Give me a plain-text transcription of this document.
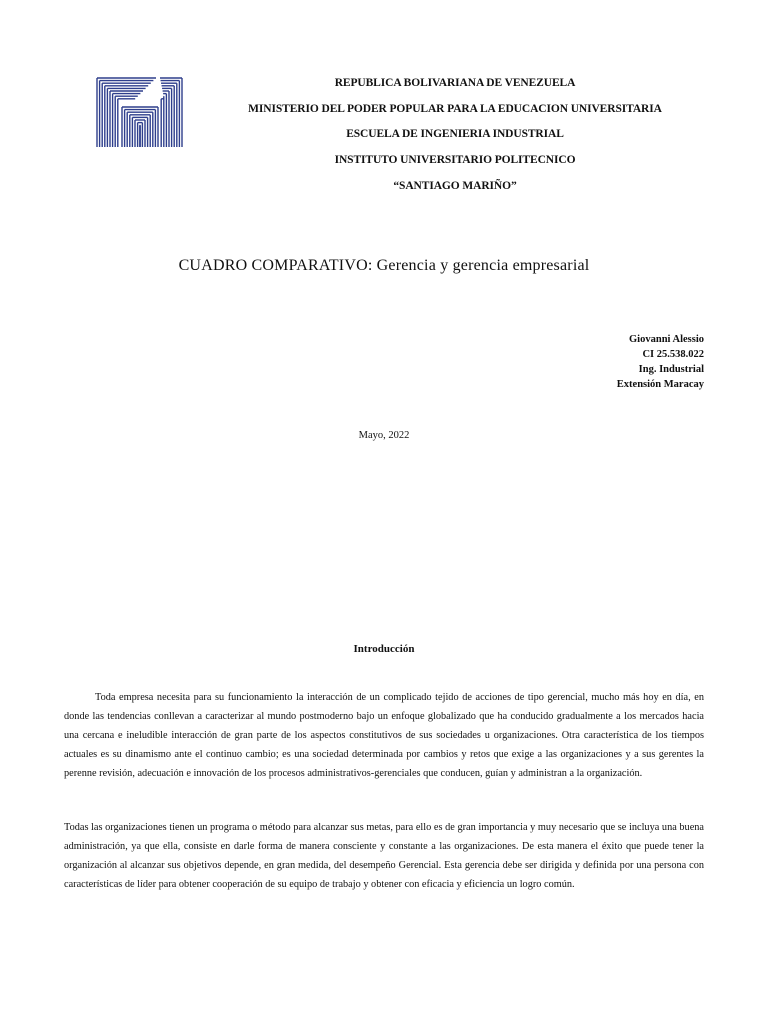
REPUBLICA BOLIVARIANA DE VENEZUELA
MINISTERIO DEL PODER POPULAR PARA LA EDUCACION UNIVERSITARIA
ESCUELA DE INGENIERIA INDUSTRIAL
INSTITUTO UNIVERSITARIO POLITECNICO
“SANTIAGO MARIÑO”
CUADRO COMPARATIVO: Gerencia y gerencia empresarial
Giovanni Alessio
CI 25.538.022
Ing. Industrial
Extensión Maracay
Mayo, 2022
Introducción

Toda empresa necesita para su funcionamiento la interacción de un complicado tejido de acciones de tipo gerencial, mucho más hoy en día, en donde las tendencias conllevan a caracterizar al mundo postmoderno bajo un enfoque globalizado que ha conducido gradualmente a los mercados hacia una cercana e ineludible interacción de gran parte de los aspectos constitutivos de sus sociedades u organizaciones. Otra característica de los tiempos actuales es su dinamismo ante el continuo cambio; es una sociedad determinada por cambios y retos que exige a las organizaciones y a sus gerentes la perenne revisión, adecuación e innovación de los procesos administrativos-gerenciales que conducen, guían y administran a la organización.

Todas las organizaciones tienen un programa o método para alcanzar sus metas, para ello es de gran importancia y muy necesario que se incluya una buena administración, ya que ella, consiste en darle forma de manera consciente y constante a las organizaciones. De esta manera el éxito que puede tener la organización al alcanzar sus objetivos depende, en gran medida, del desempeño Gerencial. Esta gerencia debe ser dirigida y definida por una persona con características de líder para obtener cooperación de su equipo de trabajo y obtener con eficacia y eficiencia un logro común.
